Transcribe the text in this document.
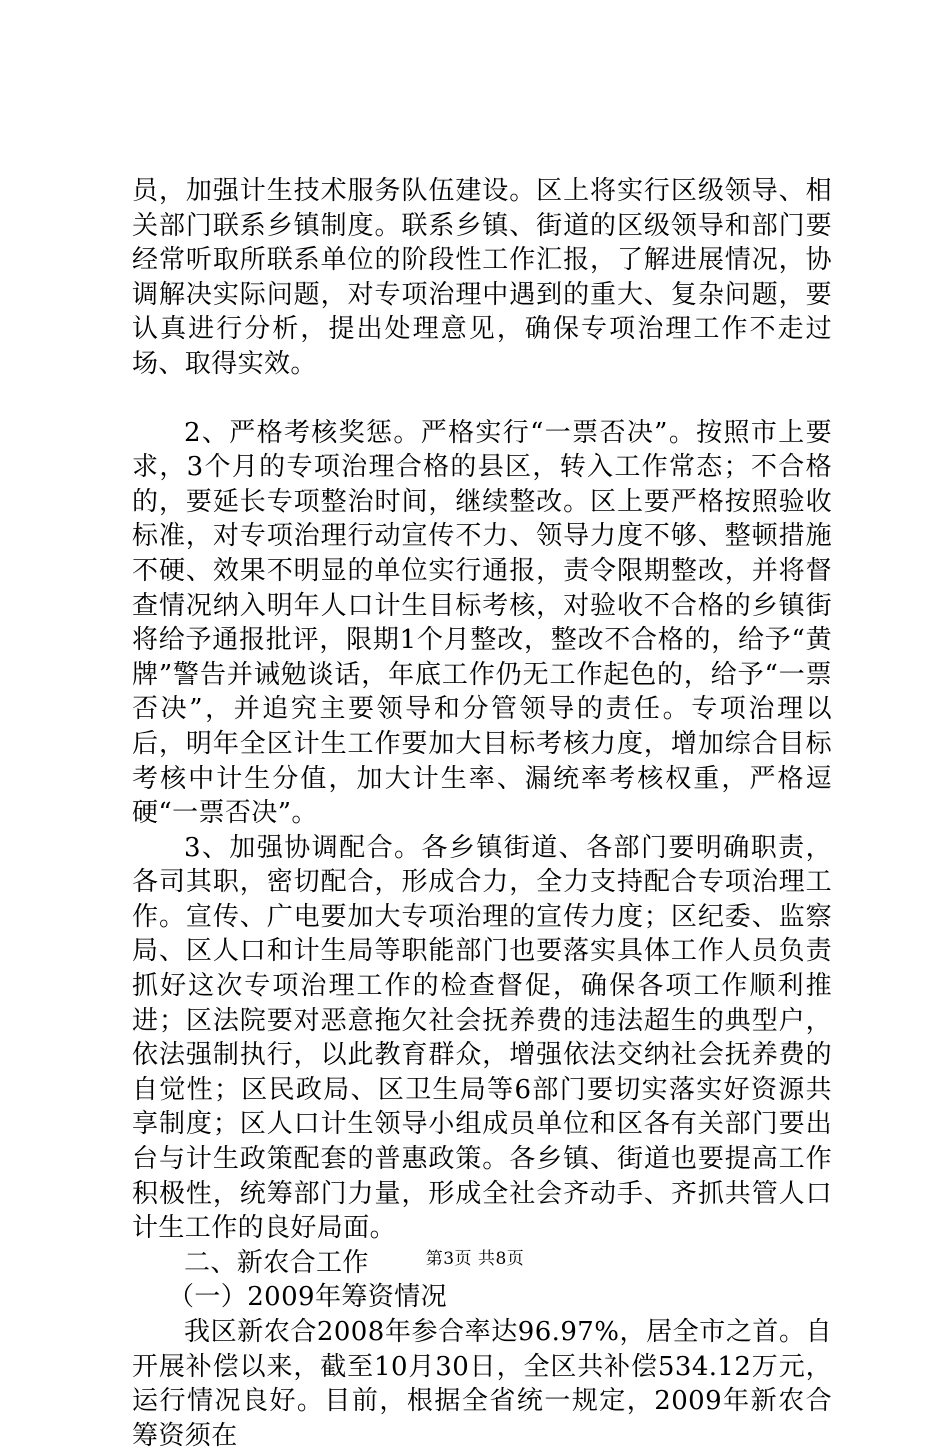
员，加强计生技术服务队伍建设。区上将实行区级领导、相关部门联系乡镇制度。联系乡镇、街道的区级领导和部门要经常听取所联系单位的阶段性工作汇报，了解进展情况，协调解决实际问题，对专项治理中遇到的重大、复杂问题，要认真进行分析，提出处理意见，确保专项治理工作不走过场、取得实效。

2、严格考核奖惩。严格实行“一票否决”。按照市上要求，3个月的专项治理合格的县区，转入工作常态；不合格的，要延长专项整治时间，继续整改。区上要严格按照验收标准，对专项治理行动宣传不力、领导力度不够、整顿措施不硬、效果不明显的单位实行通报，责令限期整改，并将督查情况纳入明年人口计生目标考核，对验收不合格的乡镇街将给予通报批评，限期1个月整改，整改不合格的，给予“黄牌”警告并诫勉谈话，年底工作仍无工作起色的，给予“一票否决”，并追究主要领导和分管领导的责任。专项治理以后，明年全区计生工作要加大目标考核力度，增加综合目标考核中计生分值，加大计生率、漏统率考核权重，严格逗硬“一票否决”。

3、加强协调配合。各乡镇街道、各部门要明确职责，各司其职，密切配合，形成合力，全力支持配合专项治理工作。宣传、广电要加大专项治理的宣传力度；区纪委、监察局、区人口和计生局等职能部门也要落实具体工作人员负责抓好这次专项治理工作的检查督促，确保各项工作顺利推进；区法院要对恶意拖欠社会抚养费的违法超生的典型户，依法强制执行，以此教育群众，增强依法交纳社会抚养费的自觉性；区民政局、区卫生局等6部门要切实落实好资源共享制度；区人口计生领导小组成员单位和区各有关部门要出台与计生政策配套的普惠政策。各乡镇、街道也要提高工作积极性，统筹部门力量，形成全社会齐动手、齐抓共管人口计生工作的良好局面。

二、新农合工作

（一）2009年筹资情况

我区新农合2008年参合率达96.97%，居全市之首。自开展补偿以来，截至10月30日，全区共补偿534.12万元，运行情况良好。目前，根据全省统一规定，2009年新农合筹资须在

第3页 共8页
